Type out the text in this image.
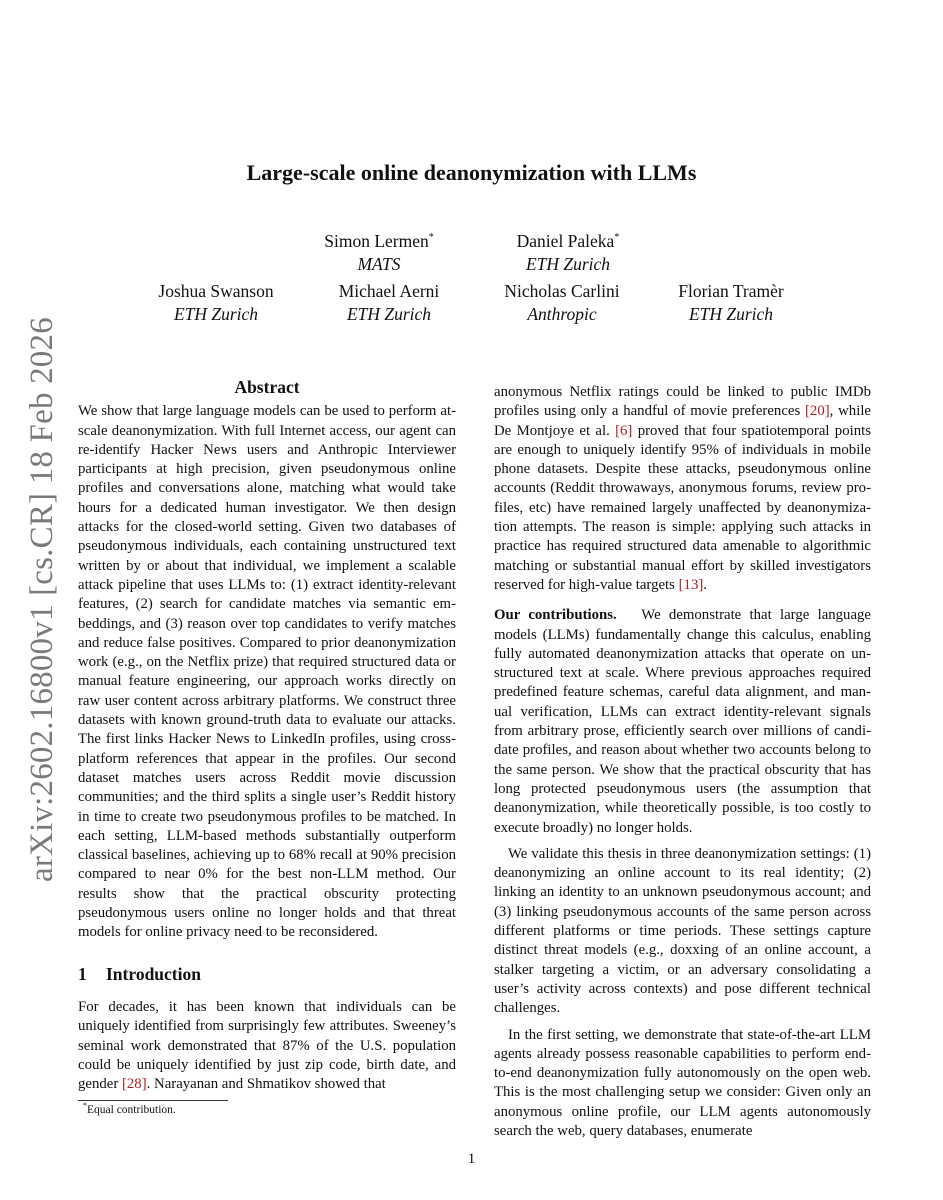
arXiv:2602.16800v1 [cs.CR] 18 Feb 2026
Large-scale online deanonymization with LLMs
Simon Lermen*
MATS
Daniel Paleka*
ETH Zurich
Joshua Swanson
ETH Zurich
Michael Aerni
ETH Zurich
Nicholas Carlini
Anthropic
Florian Tramèr
ETH Zurich
Abstract

We show that large language models can be used to perform at-scale deanonymization. With full Internet access, our agent can re-identify Hacker News users and Anthropic Interviewer participants at high precision, given pseudonymous online profiles and conversations alone, matching what would take hours for a dedicated human investigator. We then design attacks for the closed-world setting. Given two databases of pseudonymous individuals, each containing unstructured text written by or about that individual, we implement a scalable attack pipeline that uses LLMs to: (1) extract identity-relevant features, (2) search for candidate matches via semantic embeddings, and (3) reason over top candidates to verify matches and reduce false positives. Compared to prior deanonymization work (e.g., on the Netflix prize) that required structured data or manual feature engineering, our approach works directly on raw user content across arbitrary platforms. We construct three datasets with known ground-truth data to evaluate our attacks. The first links Hacker News to LinkedIn profiles, using cross-platform references that appear in the profiles. Our second dataset matches users across Reddit movie discussion communities; and the third splits a single user’s Reddit history in time to create two pseudonymous profiles to be matched. In each setting, LLM-based methods substantially outperform classical baselines, achieving up to 68% recall at 90% precision compared to near 0% for the best non-LLM method. Our results show that the practical obscurity protecting pseudonymous users online no longer holds and that threat models for online privacy need to be reconsidered.

1 Introduction

For decades, it has been known that individuals can be uniquely identified from surprisingly few attributes. Sweeney’s seminal work demonstrated that 87% of the U.S. population could be uniquely identified by just zip code, birth date, and gender [28]. Narayanan and Shmatikov showed that

anonymous Netflix ratings could be linked to public IMDb profiles using only a handful of movie preferences [20], while De Montjoye et al. [6] proved that four spatiotemporal points are enough to uniquely identify 95% of individuals in mobile phone datasets. Despite these attacks, pseudonymous online accounts (Reddit throwaways, anonymous forums, review profiles, etc) have remained largely unaffected by deanonymization attempts. The reason is simple: applying such attacks in practice has required structured data amenable to algorithmic matching or substantial manual effort by skilled investigators reserved for high-value targets [13].

Our contributions. We demonstrate that large language models (LLMs) fundamentally change this calculus, enabling fully automated deanonymization attacks that operate on unstructured text at scale. Where previous approaches required predefined feature schemas, careful data alignment, and manual verification, LLMs can extract identity-relevant signals from arbitrary prose, efficiently search over millions of candidate profiles, and reason about whether two accounts belong to the same person. We show that the practical obscurity that has long protected pseudonymous users (the assumption that deanonymization, while theoretically possible, is too costly to execute broadly) no longer holds.

We validate this thesis in three deanonymization settings: (1) deanonymizing an online account to its real identity; (2) linking an identity to an unknown pseudonymous account; and (3) linking pseudonymous accounts of the same person across different platforms or time periods. These settings capture distinct threat models (e.g., doxxing of an online account, a stalker targeting a victim, or an adversary consolidating a user’s activity across contexts) and pose different technical challenges.

In the first setting, we demonstrate that state-of-the-art LLM agents already possess reasonable capabilities to perform end-to-end deanonymization fully autonomously on the open web. This is the most challenging setup we consider: Given only an anonymous online profile, our LLM agents autonomously search the web, query databases, enumerate

*Equal contribution.
1
